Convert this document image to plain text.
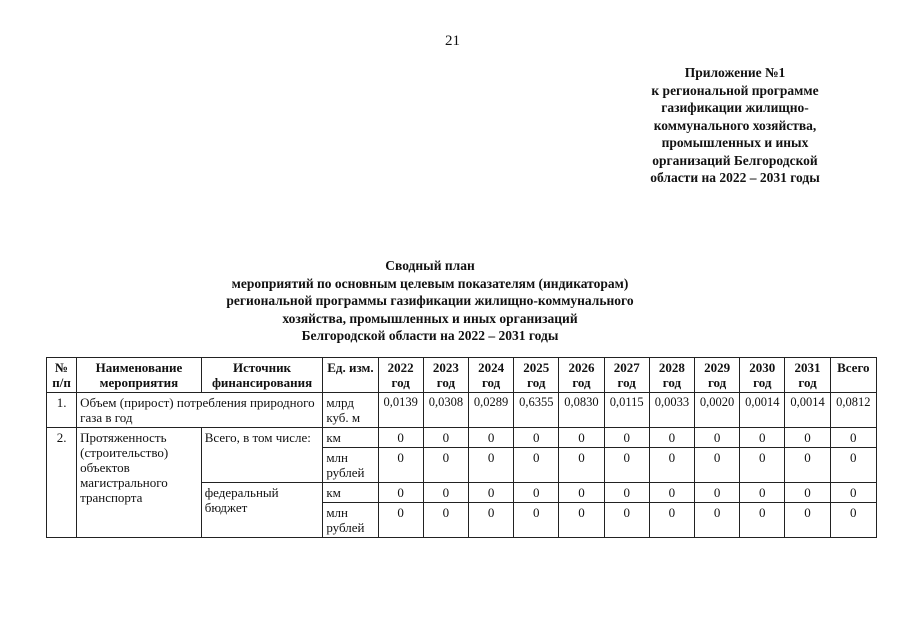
21
Приложение №1
к региональной программе
газификации жилищно-
коммунального хозяйства,
промышленных и иных
организаций Белгородской
области на 2022 – 2031 годы
Сводный план
мероприятий по основным целевым показателям (индикаторам)
региональной программы газификации жилищно-коммунального
хозяйства, промышленных и иных организаций
Белгородской области на 2022 – 2031 годы
№ п/п	Наименование мероприятия	Источник финансирования	Ед. изм.	2022 год	2023 год	2024 год	2025 год	2026 год	2027 год	2028 год	2029 год	2030 год	2031 год	Всего
1.	Объем (прирост) потребления природного газа в год		млрд куб. м	0,0139	0,0308	0,0289	0,6355	0,0830	0,0115	0,0033	0,0020	0,0014	0,0014	0,0812
2.	Протяженность (строительство) объектов магистрального транспорта	Всего, в том числе:	км	0	0	0	0	0	0	0	0	0	0	0
			млн рублей	0	0	0	0	0	0	0	0	0	0	0
		федеральный бюджет	км	0	0	0	0	0	0	0	0	0	0	0
			млн рублей	0	0	0	0	0	0	0	0	0	0	0
